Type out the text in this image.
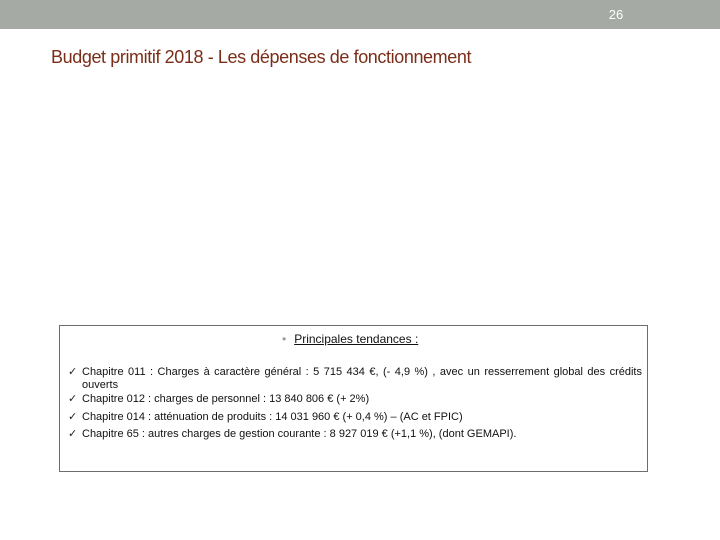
26
Budget primitif 2018 - Les dépenses de fonctionnement
• Principales tendances :
✓ Chapitre 011 : Charges à caractère général : 5 715 434 €, (- 4,9 %) , avec un resserrement global des crédits ouverts
✓ Chapitre 012 : charges de personnel : 13 840 806 € (+ 2%)
✓ Chapitre 014 : atténuation de produits : 14 031 960 € (+ 0,4 %) – (AC et FPIC)
✓ Chapitre 65 : autres charges de gestion courante : 8 927 019 € (+1,1 %), (dont GEMAPI).
